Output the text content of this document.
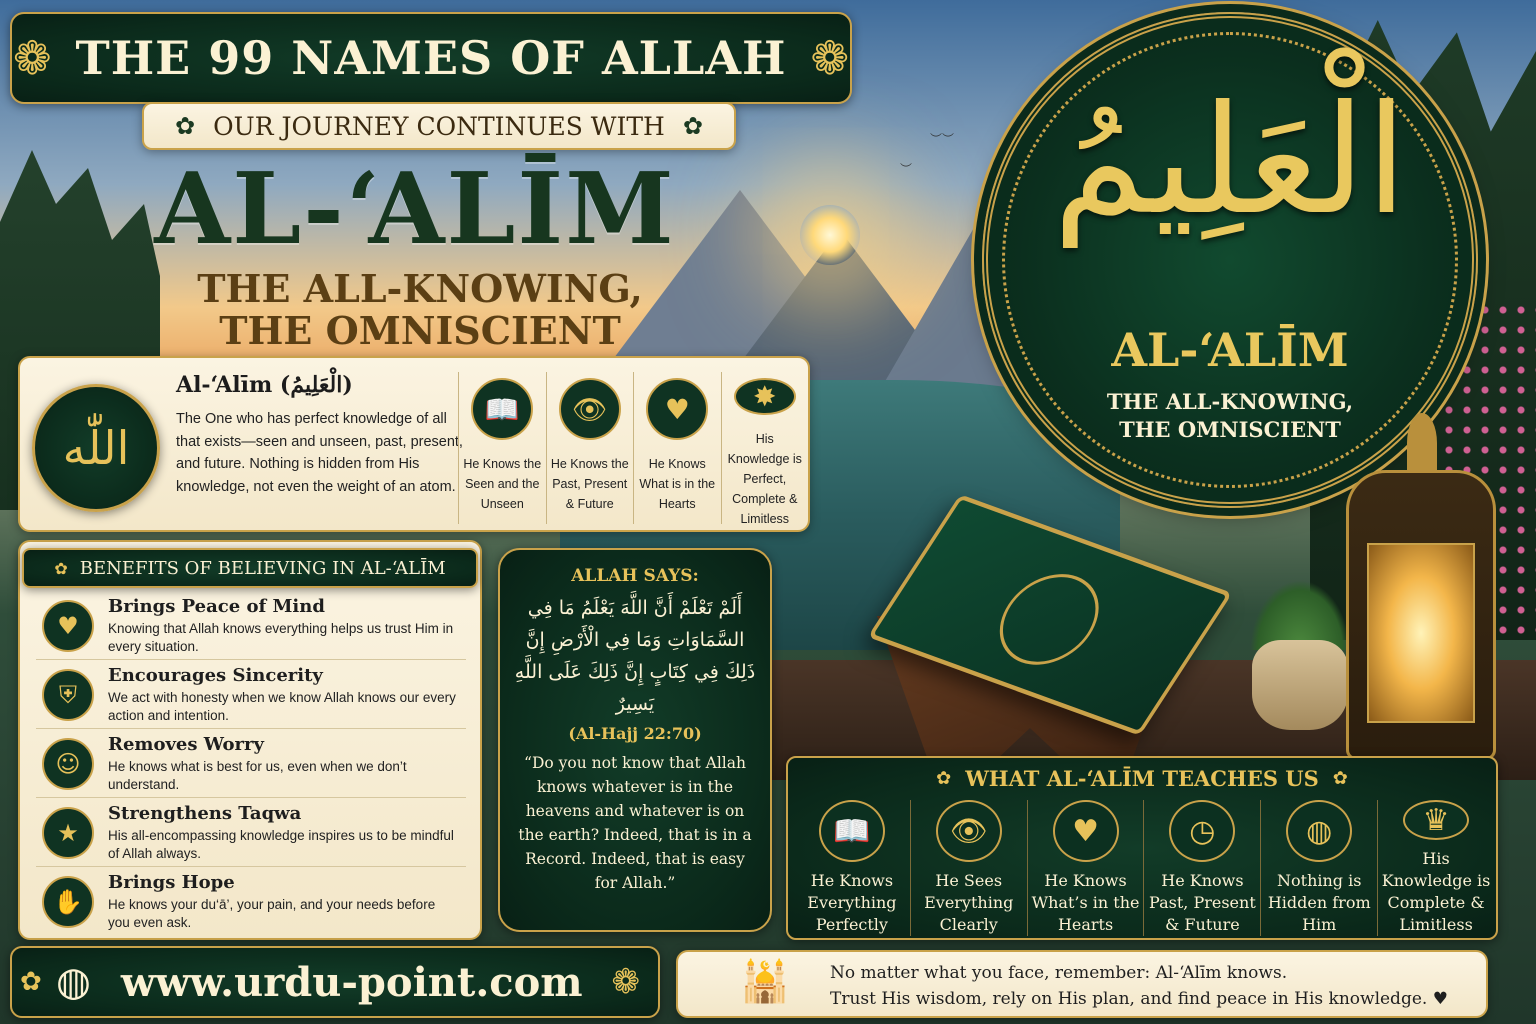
︶︶
︶
❁ THE 99 NAMES OF ALLAH ❁
✿ OUR JOURNEY CONTINUES WITH ✿
AL-‘ALĪM
THE ALL-KNOWING,
THE OMNISCIENT
الْعَلِيمُ
AL-‘ALĪM
THE ALL-KNOWING,
THE OMNISCIENT
اللّٰه
Al-‘Alīm (الْعَلِيمُ)
The One who has perfect knowledge of all that exists—seen and unseen, past, present, and future. Nothing is hidden from His knowledge, not even the weight of an atom.
📖
He Knows the Seen and the Unseen
👁
He Knows the Past, Present & Future
♥
He Knows What is in the Hearts
✸
His Knowledge is Perfect, Complete & Limitless
✿ BENEFITS OF BELIEVING IN AL-‘ALĪM
♥
Brings Peace of Mind
Knowing that Allah knows everything helps us trust Him in every situation.
⛨
Encourages Sincerity
We act with honesty when we know Allah knows our every action and intention.
☺
Removes Worry
He knows what is best for us, even when we don’t understand.
★
Strengthens Taqwa
His all-encompassing knowledge inspires us to be mindful of Allah always.
✋
Brings Hope
He knows your du‘ā’, your pain, and your needs before you even ask.
ALLAH SAYS:
أَلَمْ تَعْلَمْ أَنَّ اللَّهَ يَعْلَمُ مَا فِي السَّمَاوَاتِ وَمَا فِي الْأَرْضِ إِنَّ ذَلِكَ فِي كِتَابٍ إِنَّ ذَلِكَ عَلَى اللَّهِ يَسِيرٌ
(Al-Hajj 22:70)
“Do you not know that Allah knows whatever is in the heavens and whatever is on the earth? Indeed, that is in a Record. Indeed, that is easy for Allah.”
✿ WHAT AL-‘ALĪM TEACHES US ✿
📖
He Knows Everything Perfectly
👁
He Sees Everything Clearly
♥
He Knows What’s in the Hearts
◷
He Knows Past, Present & Future
◍
Nothing is Hidden from Him
♛
His Knowledge is Complete & Limitless
✿ ◍ www.urdu-point.com ❁	🕌	No matter what you face, remember: Al-‘Alīm knows.
Trust His wisdom, rely on His plan, and find peace in His knowledge. ♥
